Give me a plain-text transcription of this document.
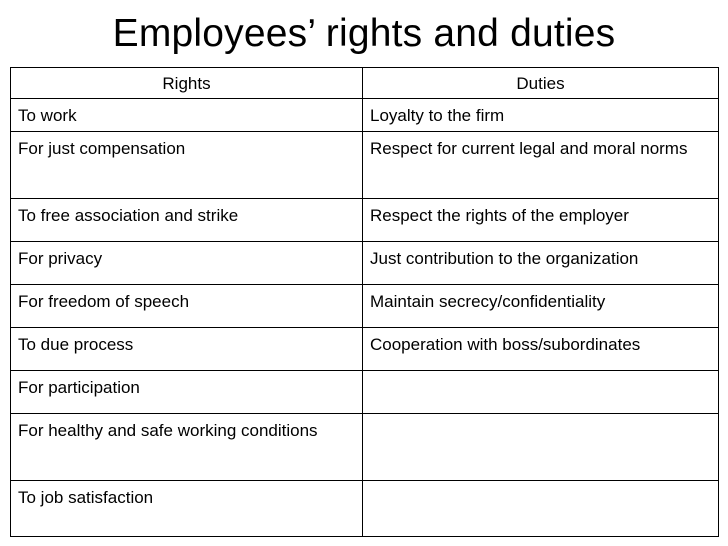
Employees’ rights and duties
Rights	Duties
To work	Loyalty to the firm
For just compensation	Respect for current legal and moral norms
To free association and strike	Respect the rights of the employer
For privacy	Just contribution to the organization
For freedom of speech	Maintain secrecy/confidentiality
To due process	Cooperation with boss/subordinates
For participation	
For healthy and safe working conditions	
To job satisfaction	
